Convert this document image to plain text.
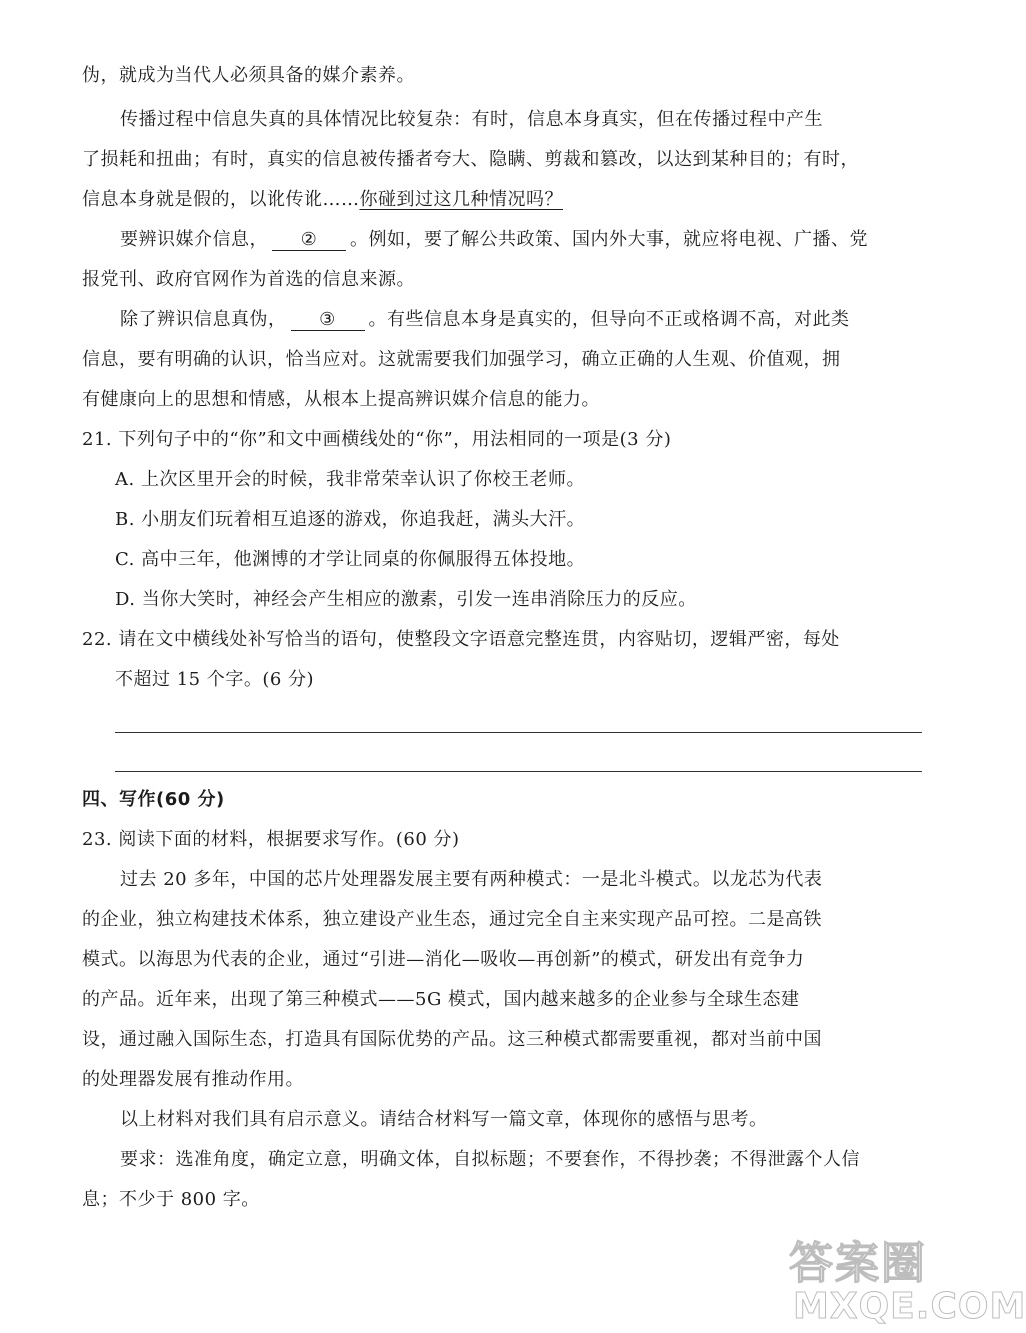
伪，就成为当代人必须具备的媒介素养。
传播过程中信息失真的具体情况比较复杂：有时，信息本身真实，但在传播过程中产生
了损耗和扭曲；有时，真实的信息被传播者夸大、隐瞒、剪裁和篡改，以达到某种目的；有时，
信息本身就是假的，以讹传讹……你碰到过这几种情况吗？
要辨识媒介信息， ② 。例如，要了解公共政策、国内外大事，就应将电视、广播、党
报党刊、政府官网作为首选的信息来源。
除了辨识信息真伪， ③ 。有些信息本身是真实的，但导向不正或格调不高，对此类
信息，要有明确的认识，恰当应对。这就需要我们加强学习，确立正确的人生观、价值观，拥
有健康向上的思想和情感，从根本上提高辨识媒介信息的能力。
21. 下列句子中的“你”和文中画横线处的“你”，用法相同的一项是(3 分)
A. 上次区里开会的时候，我非常荣幸认识了你校王老师。
B. 小朋友们玩着相互追逐的游戏，你追我赶，满头大汗。
C. 高中三年，他渊博的才学让同桌的你佩服得五体投地。
D. 当你大笑时，神经会产生相应的激素，引发一连串消除压力的反应。
22. 请在文中横线处补写恰当的语句，使整段文字语意完整连贯，内容贴切，逻辑严密，每处
不超过 15 个字。(6 分)
四、写作(60 分)
23. 阅读下面的材料，根据要求写作。(60 分)
过去 20 多年，中国的芯片处理器发展主要有两种模式：一是北斗模式。以龙芯为代表
的企业，独立构建技术体系，独立建设产业生态，通过完全自主来实现产品可控。二是高铁
模式。以海思为代表的企业，通过“引进—消化—吸收—再创新”的模式，研发出有竞争力
的产品。近年来，出现了第三种模式——5G 模式，国内越来越多的企业参与全球生态建
设，通过融入国际生态，打造具有国际优势的产品。这三种模式都需要重视，都对当前中国
的处理器发展有推动作用。
以上材料对我们具有启示意义。请结合材料写一篇文章，体现你的感悟与思考。
要求：选准角度，确定立意，明确文体，自拟标题；不要套作，不得抄袭；不得泄露个人信
息；不少于 800 字。
答案圈
MXQE.COM
